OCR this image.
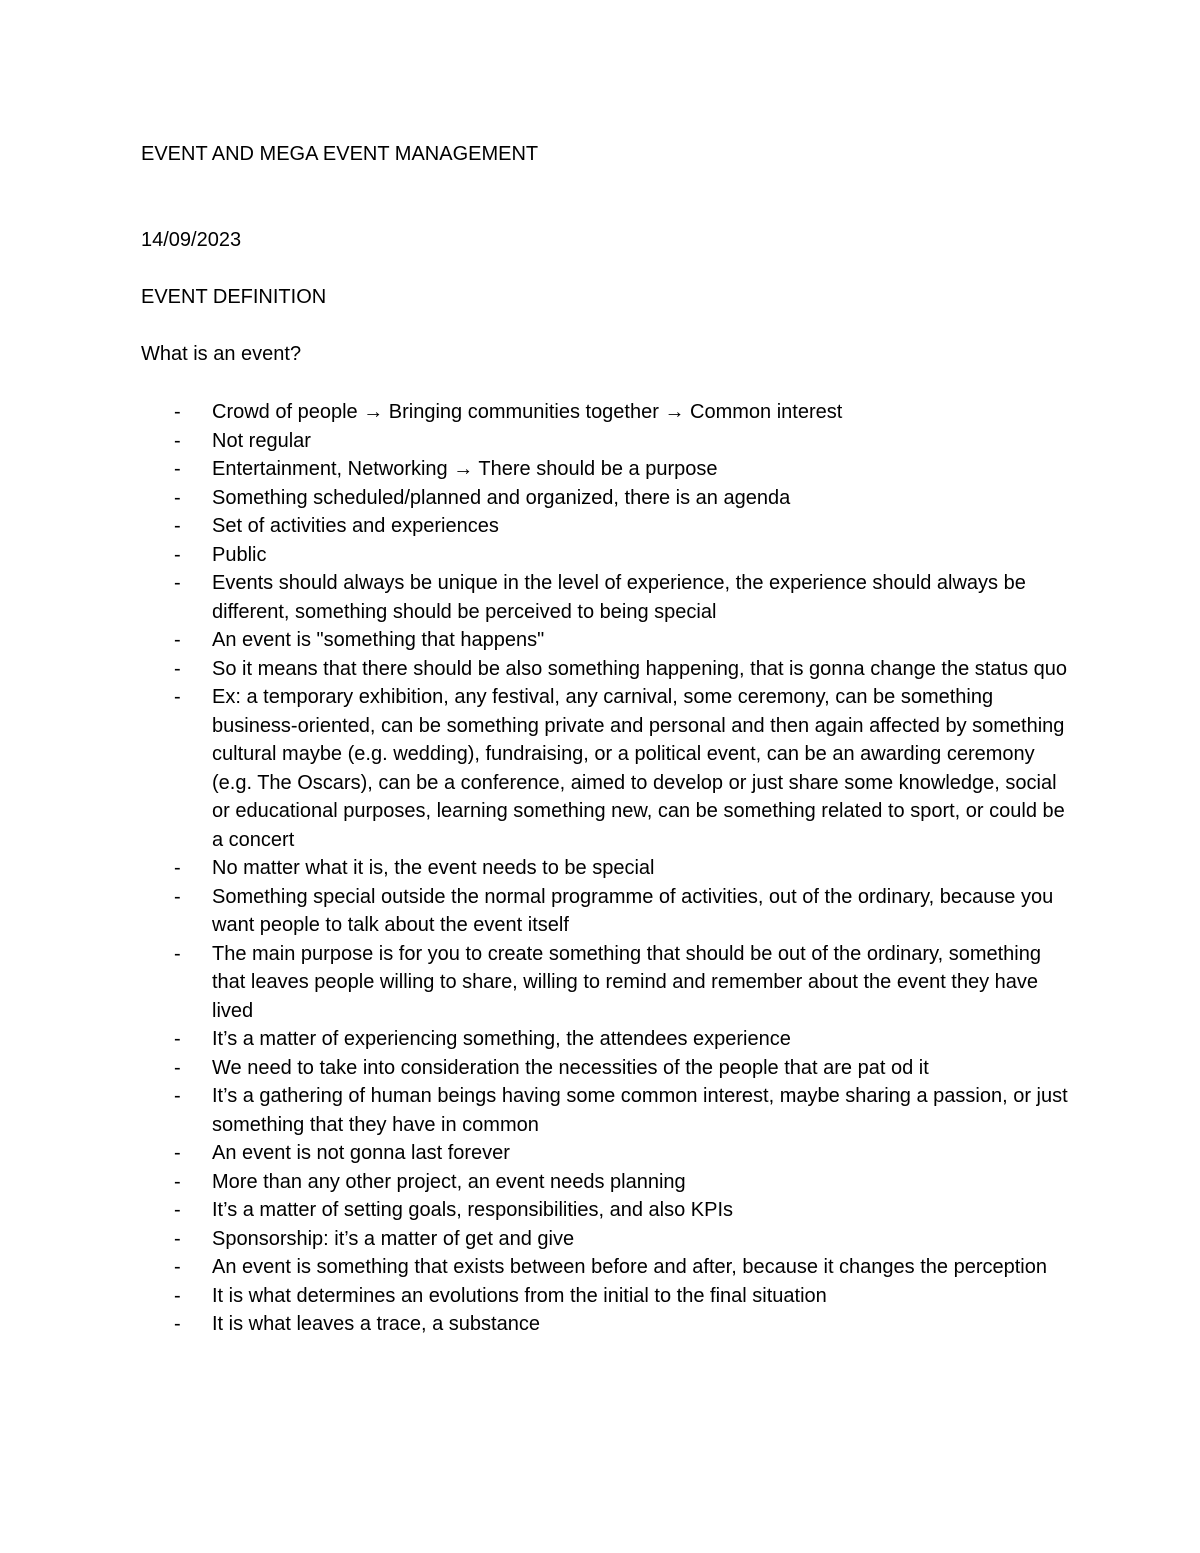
EVENT AND MEGA EVENT MANAGEMENT
14/09/2023
EVENT DEFINITION
What is an event?
- Crowd of people → Bringing communities together → Common interest
- Not regular
- Entertainment, Networking → There should be a purpose
- Something scheduled/planned and organized, there is an agenda
- Set of activities and experiences
- Public
- Events should always be unique in the level of experience, the experience should always be different, something should be perceived to being special
- An event is "something that happens"
- So it means that there should be also something happening, that is gonna change the status quo
- Ex: a temporary exhibition, any festival, any carnival, some ceremony, can be something business-oriented, can be something private and personal and then again affected by something cultural maybe (e.g. wedding), fundraising, or a political event, can be an awarding ceremony (e.g. The Oscars), can be a conference, aimed to develop or just share some knowledge, social or educational purposes, learning something new, can be something related to sport, or could be a concert
- No matter what it is, the event needs to be special
- Something special outside the normal programme of activities, out of the ordinary, because you want people to talk about the event itself
- The main purpose is for you to create something that should be out of the ordinary, something that leaves people willing to share, willing to remind and remember about the event they have lived
- It’s a matter of experiencing something, the attendees experience
- We need to take into consideration the necessities of the people that are pat od it
- It’s a gathering of human beings having some common interest, maybe sharing a passion, or just something that they have in common
- An event is not gonna last forever
- More than any other project, an event needs planning
- It’s a matter of setting goals, responsibilities, and also KPIs
- Sponsorship: it’s a matter of get and give
- An event is something that exists between before and after, because it changes the perception
- It is what determines an evolutions from the initial to the final situation
- It is what leaves a trace, a substance
